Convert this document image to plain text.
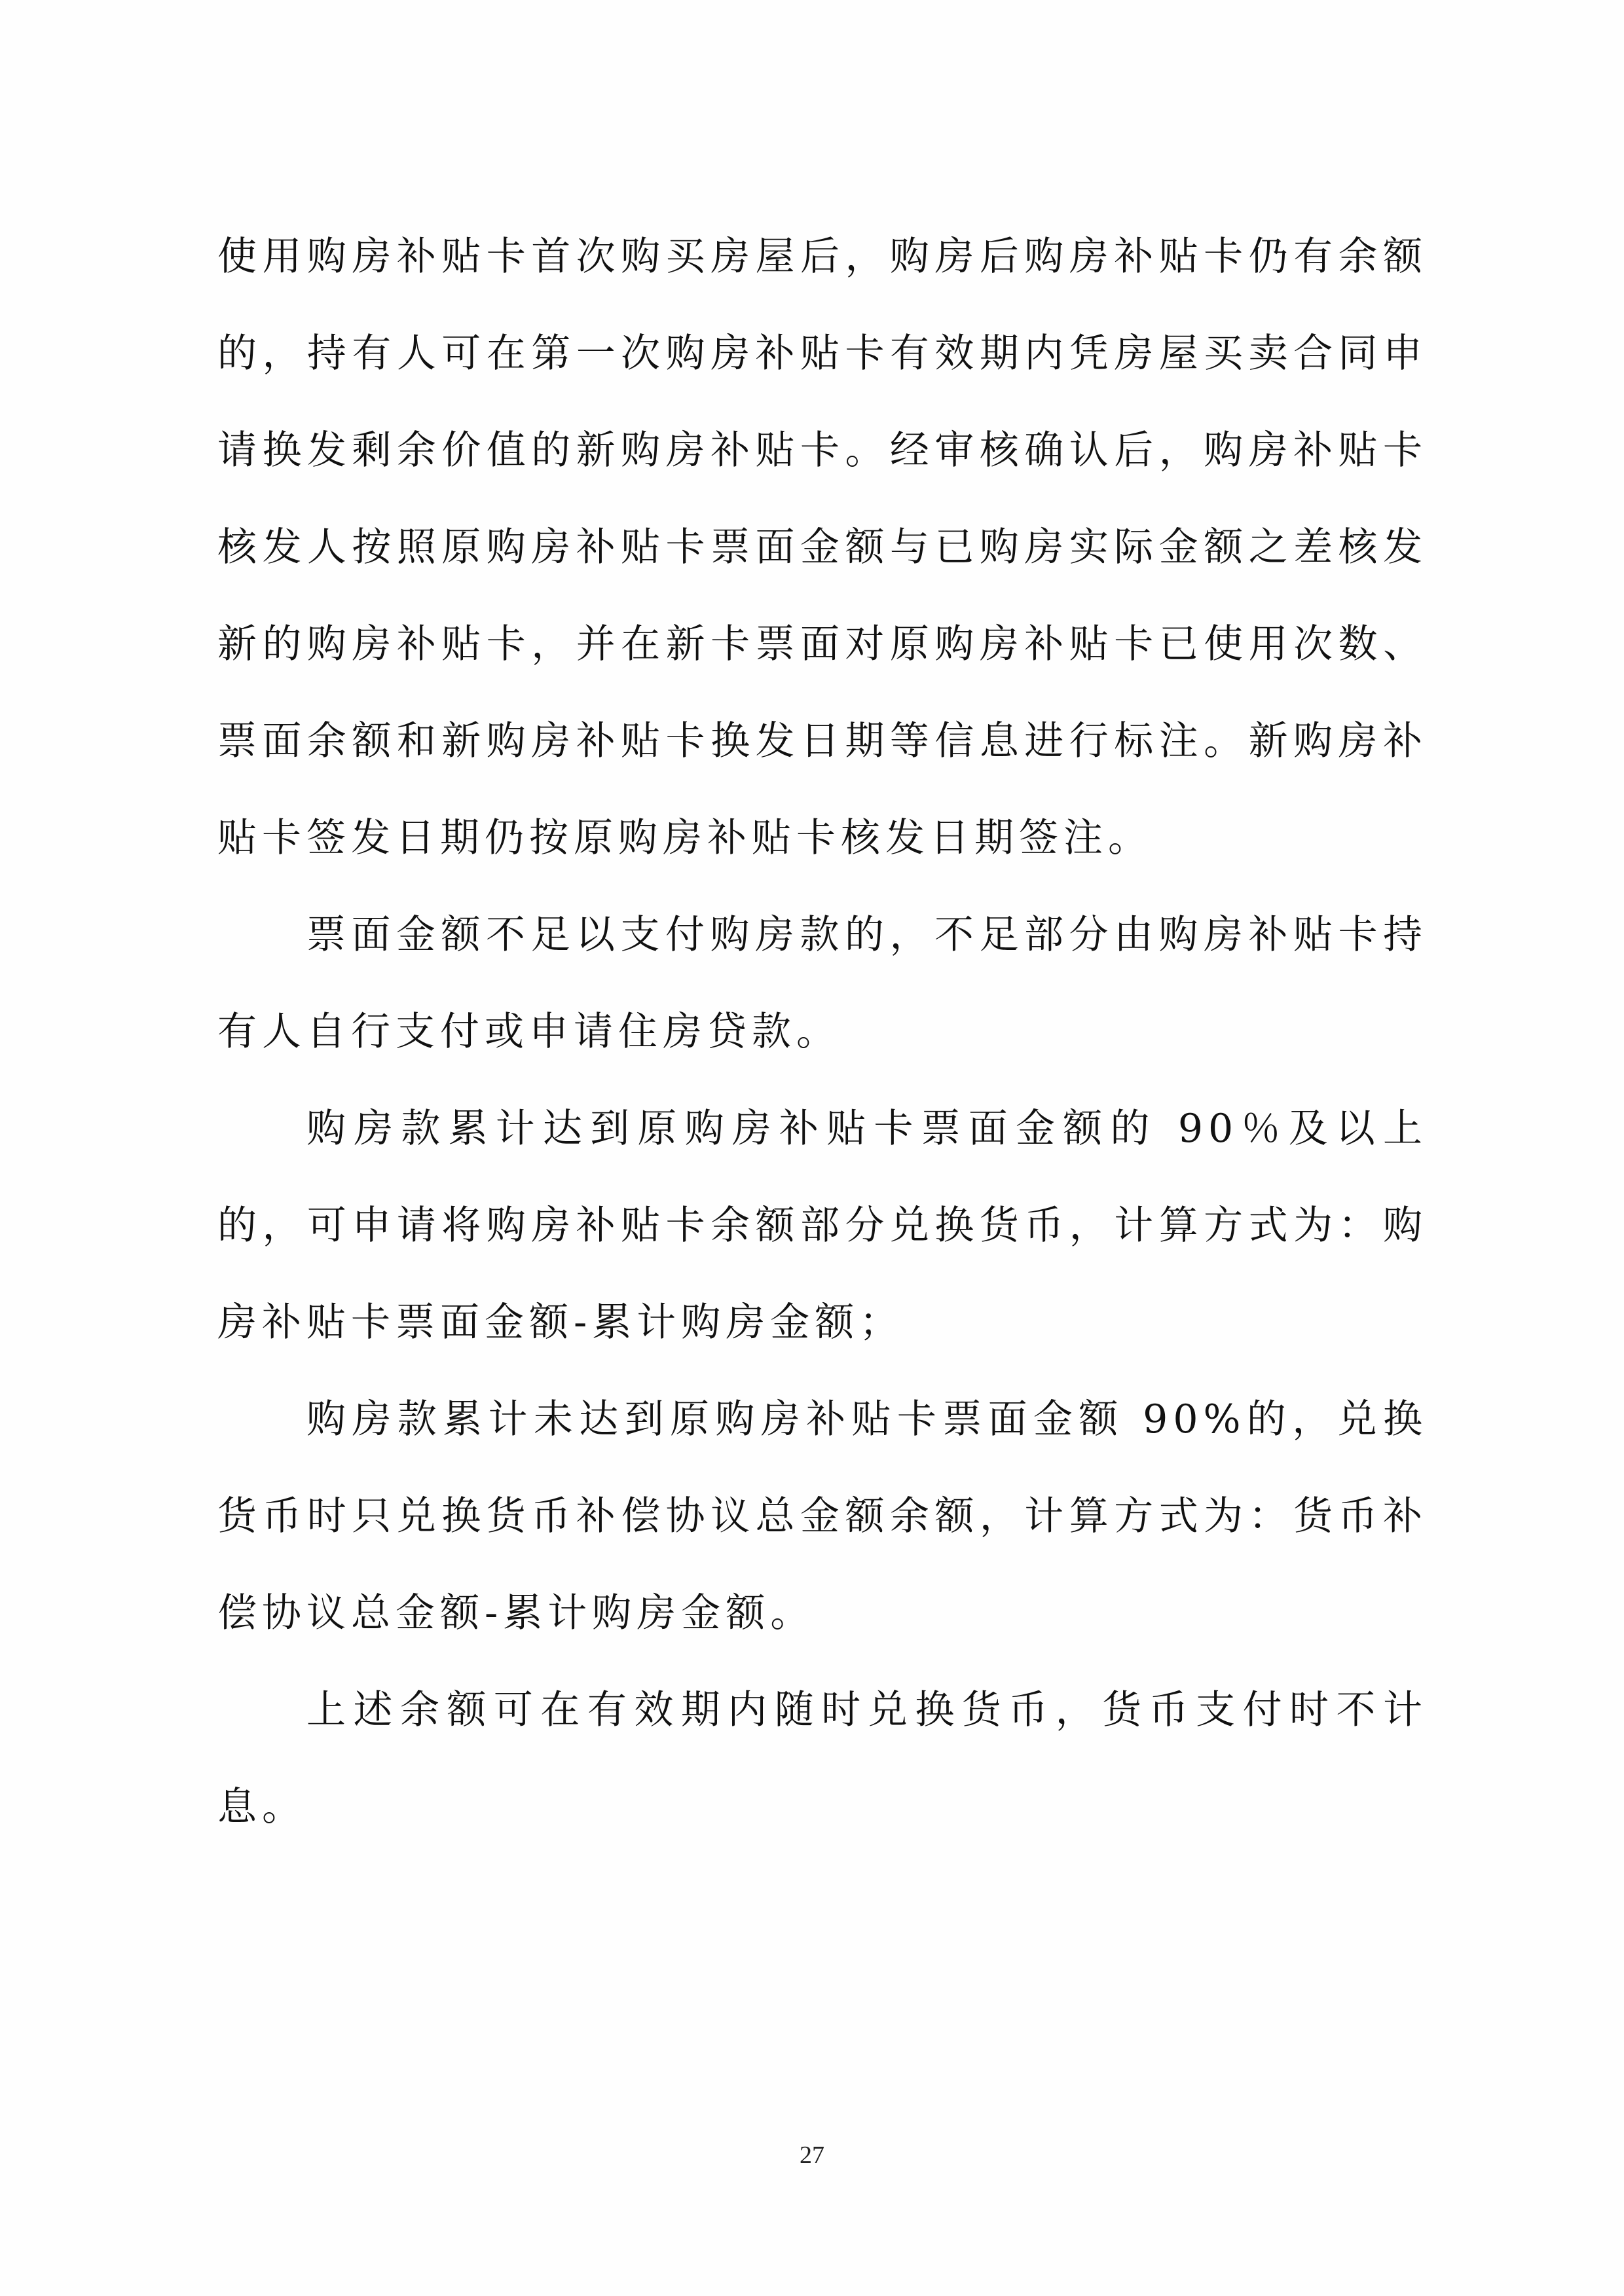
使用购房补贴卡首次购买房屋后，购房后购房补贴卡仍有余额的，持有人可在第一次购房补贴卡有效期内凭房屋买卖合同申请换发剩余价值的新购房补贴卡。经审核确认后，购房补贴卡核发人按照原购房补贴卡票面金额与已购房实际金额之差核发新的购房补贴卡，并在新卡票面对原购房补贴卡已使用次数、票面余额和新购房补贴卡换发日期等信息进行标注。新购房补贴卡签发日期仍按原购房补贴卡核发日期签注。

票面金额不足以支付购房款的，不足部分由购房补贴卡持有人自行支付或申请住房贷款。

购房款累计达到原购房补贴卡票面金额的 90％及以上的，可申请将购房补贴卡余额部分兑换货币，计算方式为：购房补贴卡票面金额-累计购房金额；

购房款累计未达到原购房补贴卡票面金额 90%的，兑换货币时只兑换货币补偿协议总金额余额，计算方式为：货币补偿协议总金额-累计购房金额。

上述余额可在有效期内随时兑换货币，货币支付时不计息。

27
